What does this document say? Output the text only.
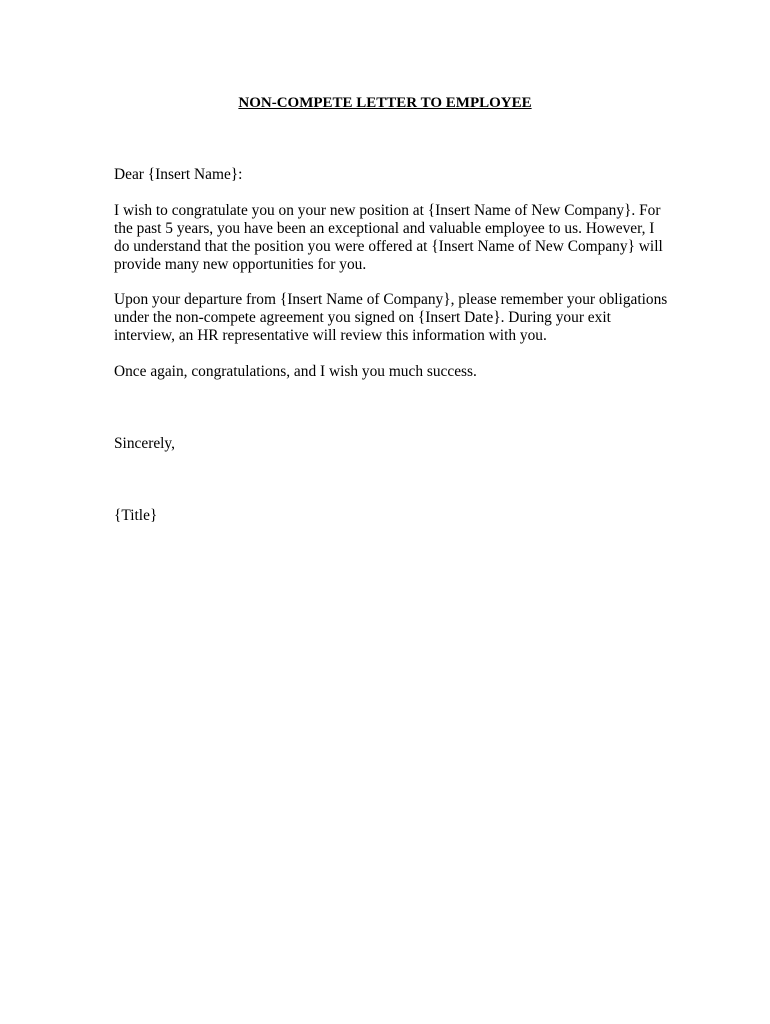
NON-COMPETE LETTER TO EMPLOYEE
Dear {Insert Name}:
I wish to congratulate you on your new position at {Insert Name of New Company}. For
the past 5 years, you have been an exceptional and valuable employee to us. However, I
do understand that the position you were offered at {Insert Name of New Company} will
provide many new opportunities for you.
Upon your departure from {Insert Name of Company}, please remember your obligations
under the non-compete agreement you signed on {Insert Date}. During your exit
interview, an HR representative will review this information with you.
Once again, congratulations, and I wish you much success.
Sincerely,
{Title}
